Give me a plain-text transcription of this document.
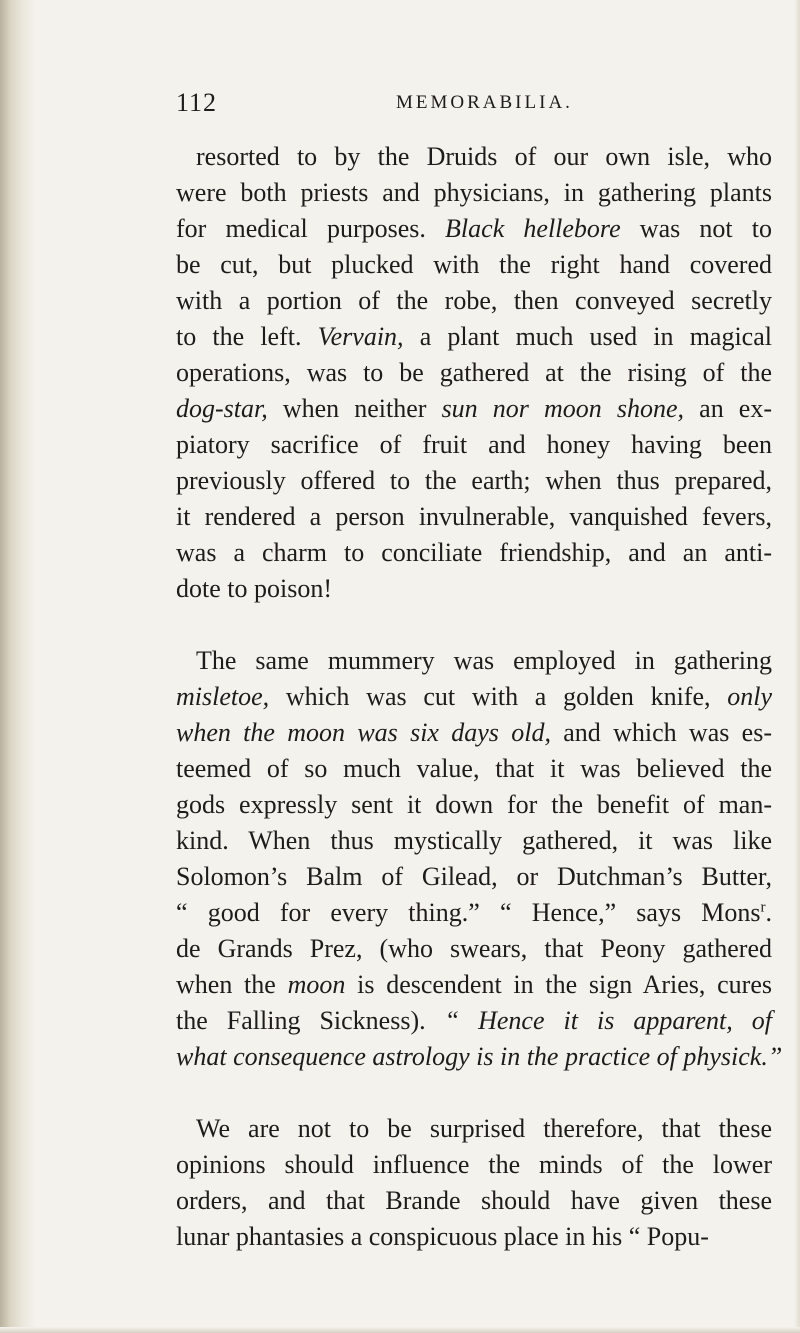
112	MEMORABILIA.
resorted to by the Druids of our own isle, who
were both priests and physicians, in gathering plants
for medical purposes. Black hellebore was not to
be cut, but plucked with the right hand covered
with a portion of the robe, then conveyed secretly
to the left. Vervain, a plant much used in magical
operations, was to be gathered at the rising of the
dog-star, when neither sun nor moon shone, an ex-
piatory sacrifice of fruit and honey having been
previously offered to the earth; when thus prepared,
it rendered a person invulnerable, vanquished fevers,
was a charm to conciliate friendship, and an anti-
dote to poison!
The same mummery was employed in gathering
misletoe, which was cut with a golden knife, only
when the moon was six days old, and which was es-
teemed of so much value, that it was believed the
gods expressly sent it down for the benefit of man-
kind. When thus mystically gathered, it was like
Solomon’s Balm of Gilead, or Dutchman’s Butter,
“ good for every thing.” “ Hence,” says Mons$^r$.
de Grands Prez, (who swears, that Peony gathered
when the moon is descendent in the sign Aries, cures
the Falling Sickness). “ Hence it is apparent, of
what consequence astrology is in the practice of physick.”
We are not to be surprised therefore, that these
opinions should influence the minds of the lower
orders, and that Brande should have given these
lunar phantasies a conspicuous place in his “ Popu-
